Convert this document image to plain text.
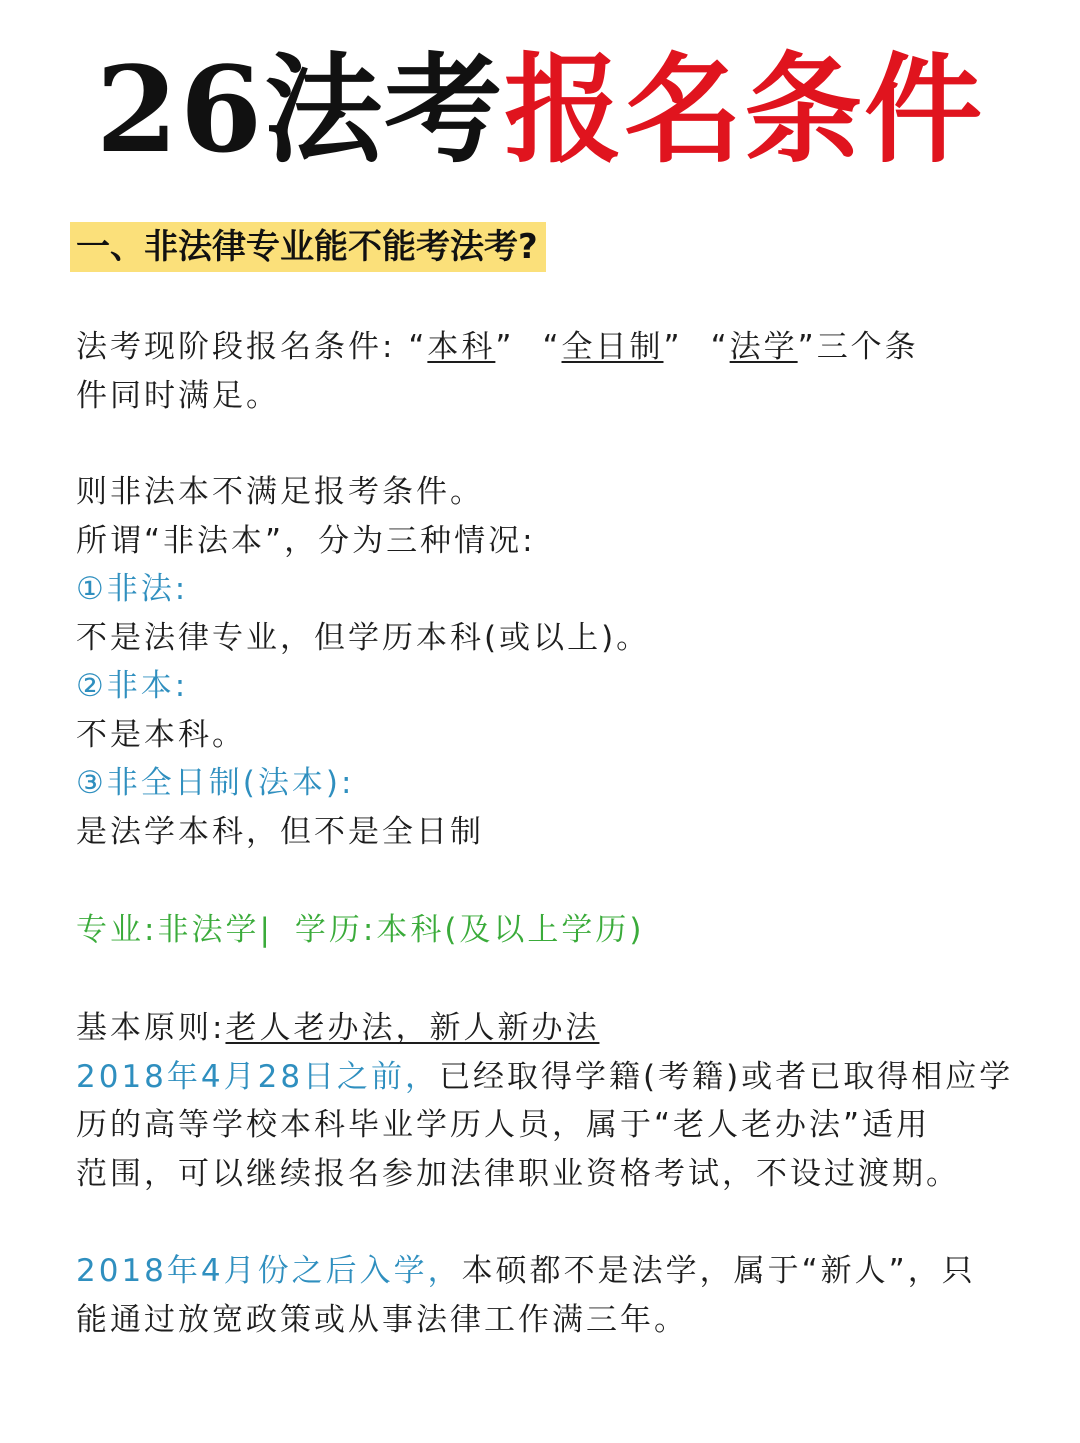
26法考报名条件
一、非法律专业能不能考法考?
法考现阶段报名条件: “本科” “全日制” “法学”三个条
件同时满足。
则非法本不满足报考条件。
所谓“非法本”，分为三种情况:
①非法:
不是法律专业，但学历本科(或以上)。
②非本:
不是本科。
③非全日制(法本):
是法学本科，但不是全日制
专业:非法学| 学历:本科(及以上学历)
基本原则:老人老办法，新人新办法
2018年4月28日之前，已经取得学籍(考籍)或者已取得相应学
历的高等学校本科毕业学历人员，属于“老人老办法”适用
范围，可以继续报名参加法律职业资格考试，不设过渡期。
2018年4月份之后入学，本硕都不是法学，属于“新人”，只
能通过放宽政策或从事法律工作满三年。
